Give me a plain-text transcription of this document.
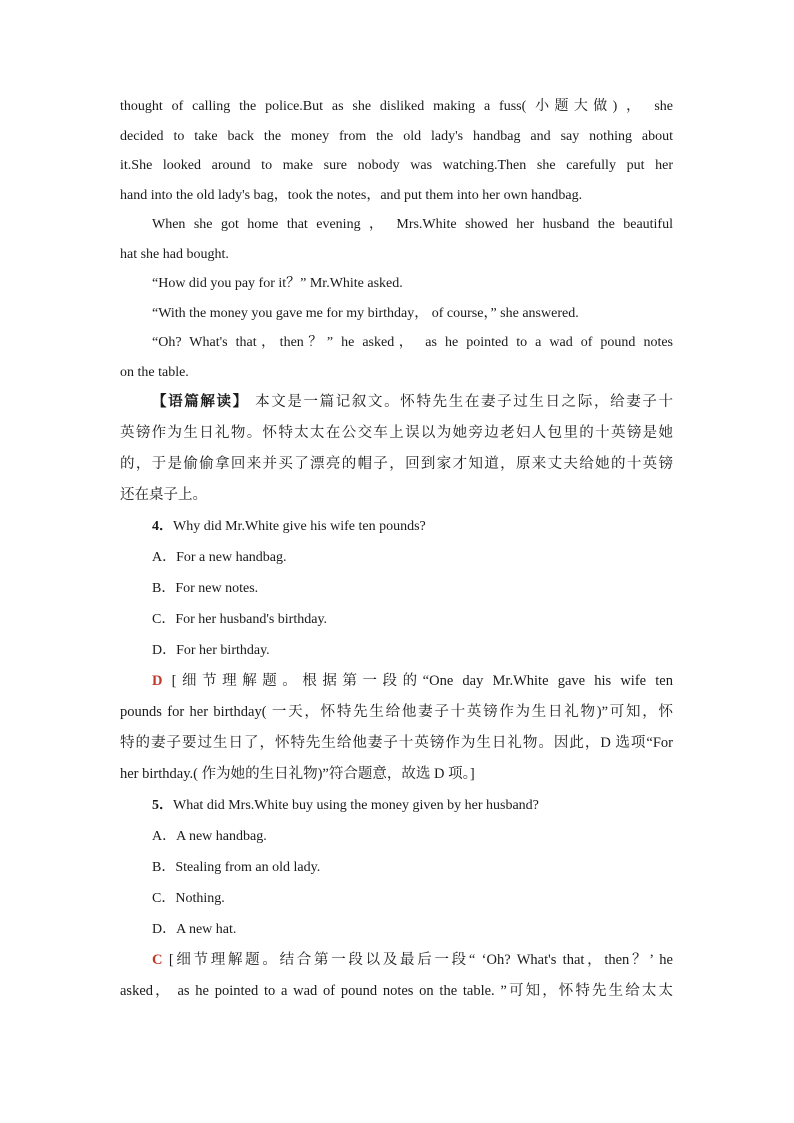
thought of calling the police.But as she disliked making a fuss( 小题大做) ， she
decided to take back the money from the old lady's handbag and say nothing about
it.She looked around to make sure nobody was watching.Then she carefully put her
hand into the old lady's bag，took the notes，and put them into her own handbag.
When she got home that evening ， Mrs.White showed her husband the beautiful
hat she had bought.
“How did you pay for it？” Mr.White asked.
“With the money you gave me for my birthday， of course，” she answered.
“Oh? What's that，then？” he asked， as he pointed to a wad of pound notes
on the table.
【语篇解读】 本文是一篇记叙文。怀特先生在妻子过生日之际，给妻子十
英镑作为生日礼物。怀特太太在公交车上误以为她旁边老妇人包里的十英镑是她
的，于是偷偷拿回来并买了漂亮的帽子，回到家才知道，原来丈夫给她的十英镑
还在桌子上。
4．Why did Mr.White give his wife ten pounds?
A．For a new handbag.
B．For new notes.
C．For her husband's birthday.
D．For her birthday.
D [细节理解题。根据第一段的“One day Mr.White gave his wife ten
pounds for her birthday( 一天，怀特先生给他妻子十英镑作为生日礼物)”可知，怀
特的妻子要过生日了，怀特先生给他妻子十英镑作为生日礼物。因此，D 选项“For
her birthday.( 作为她的生日礼物)”符合题意，故选 D 项。]
5．What did Mrs.White buy using the money given by her husband?
A．A new handbag.
B．Stealing from an old lady.
C．Nothing.
D．A new hat.
C [细节理解题。结合第一段以及最后一段“ ‘Oh? What's that，then？’ he
asked， as he pointed to a wad of pound notes on the table. ”可知，怀特先生给太太
